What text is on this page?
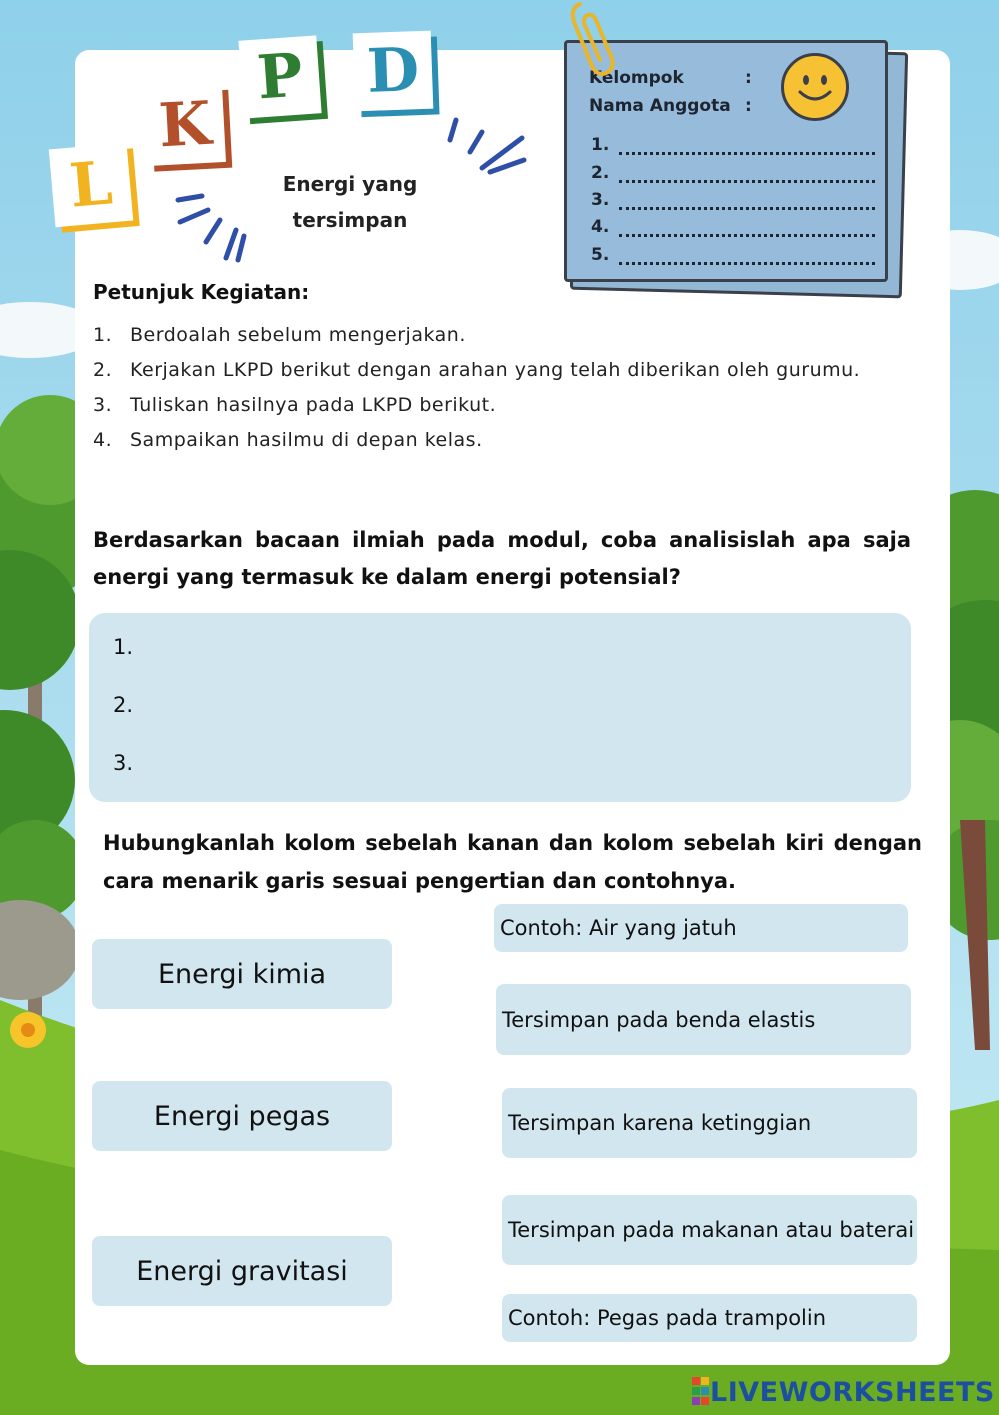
L
K
P D
Energi yang
tersimpan
Kelompok	:
Nama Anggota :
1.
2.
3.
4.
5.
Petunjuk Kegiatan:
1. Berdoalah sebelum mengerjakan.
2. Kerjakan LKPD berikut dengan arahan yang telah diberikan oleh gurumu.
3. Tuliskan hasilnya pada LKPD berikut.
4. Sampaikan hasilmu di depan kelas.
Berdasarkan bacaan ilmiah pada modul, coba analisislah apa saja energi yang termasuk ke dalam energi potensial?
1.
2.
3.
Hubungkanlah kolom sebelah kanan dan kolom sebelah kiri dengan cara menarik garis sesuai pengertian dan contohnya.
Energi kimia
Energi pegas
Energi gravitasi
Contoh: Air yang jatuh
Tersimpan pada benda elastis
Tersimpan karena ketinggian
Tersimpan pada makanan atau baterai
Contoh: Pegas pada trampolin
LIVEWORKSHEETS
